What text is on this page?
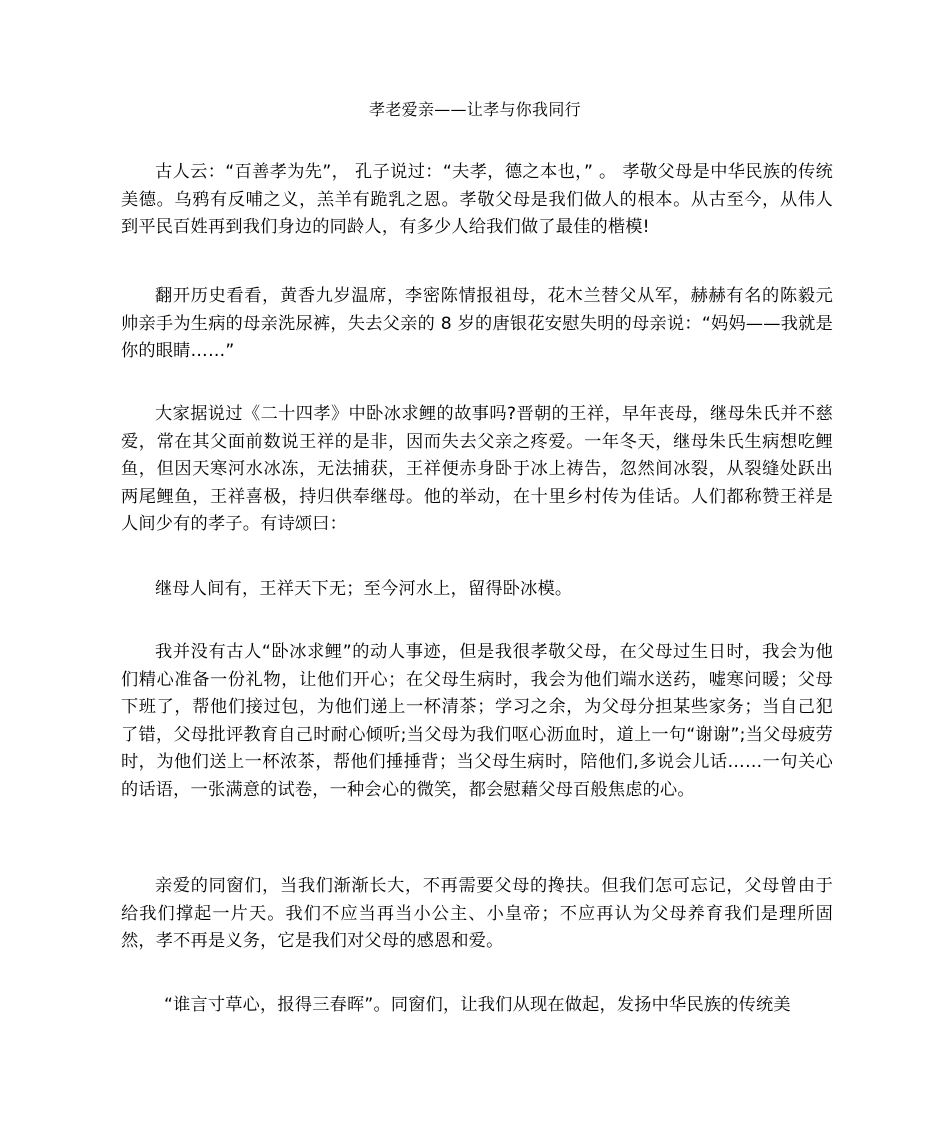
孝老爱亲——让孝与你我同行

古人云：“百善孝为先”， 孔子说过：“夫孝，德之本也，” 。 孝敬父母是中华民族的传统美德。乌鸦有反哺之义，羔羊有跪乳之恩。孝敬父母是我们做人的根本。从古至今，从伟人到平民百姓再到我们身边的同龄人，有多少人给我们做了最佳的楷模!

翻开历史看看，黄香九岁温席，李密陈情报祖母，花木兰替父从军，赫赫有名的陈毅元帅亲手为生病的母亲洗尿裤，失去父亲的 8 岁的唐银花安慰失明的母亲说：“妈妈——我就是你的眼睛……”

大家据说过《二十四孝》中卧冰求鲤的故事吗?晋朝的王祥，早年丧母，继母朱氏并不慈爱，常在其父面前数说王祥的是非，因而失去父亲之疼爱。一年冬天，继母朱氏生病想吃鲤鱼，但因天寒河水冰冻，无法捕获，王祥便赤身卧于冰上祷告，忽然间冰裂，从裂缝处跃出两尾鲤鱼，王祥喜极，持归供奉继母。他的举动，在十里乡村传为佳话。人们都称赞王祥是人间少有的孝子。有诗颂曰：

继母人间有，王祥天下无；至今河水上，留得卧冰模。

我并没有古人“卧冰求鲤”的动人事迹，但是我很孝敬父母，在父母过生日时，我会为他们精心准备一份礼物，让他们开心；在父母生病时，我会为他们端水送药，嘘寒问暖；父母下班了，帮他们接过包，为他们递上一杯清茶；学习之余，为父母分担某些家务；当自己犯了错，父母批评教育自己时耐心倾听;当父母为我们呕心沥血时，道上一句“谢谢”;当父母疲劳时，为他们送上一杯浓茶，帮他们捶捶背；当父母生病时，陪他们,多说会儿话……一句关心的话语，一张满意的试卷，一种会心的微笑，都会慰藉父母百般焦虑的心。

亲爱的同窗们，当我们渐渐长大，不再需要父母的搀扶。但我们怎可忘记，父母曾由于给我们撑起一片天。我们不应当再当小公主、小皇帝；不应再认为父母养育我们是理所固然，孝不再是义务，它是我们对父母的感恩和爱。

“谁言寸草心，报得三春晖”。同窗们，让我们从现在做起，发扬中华民族的传统美
